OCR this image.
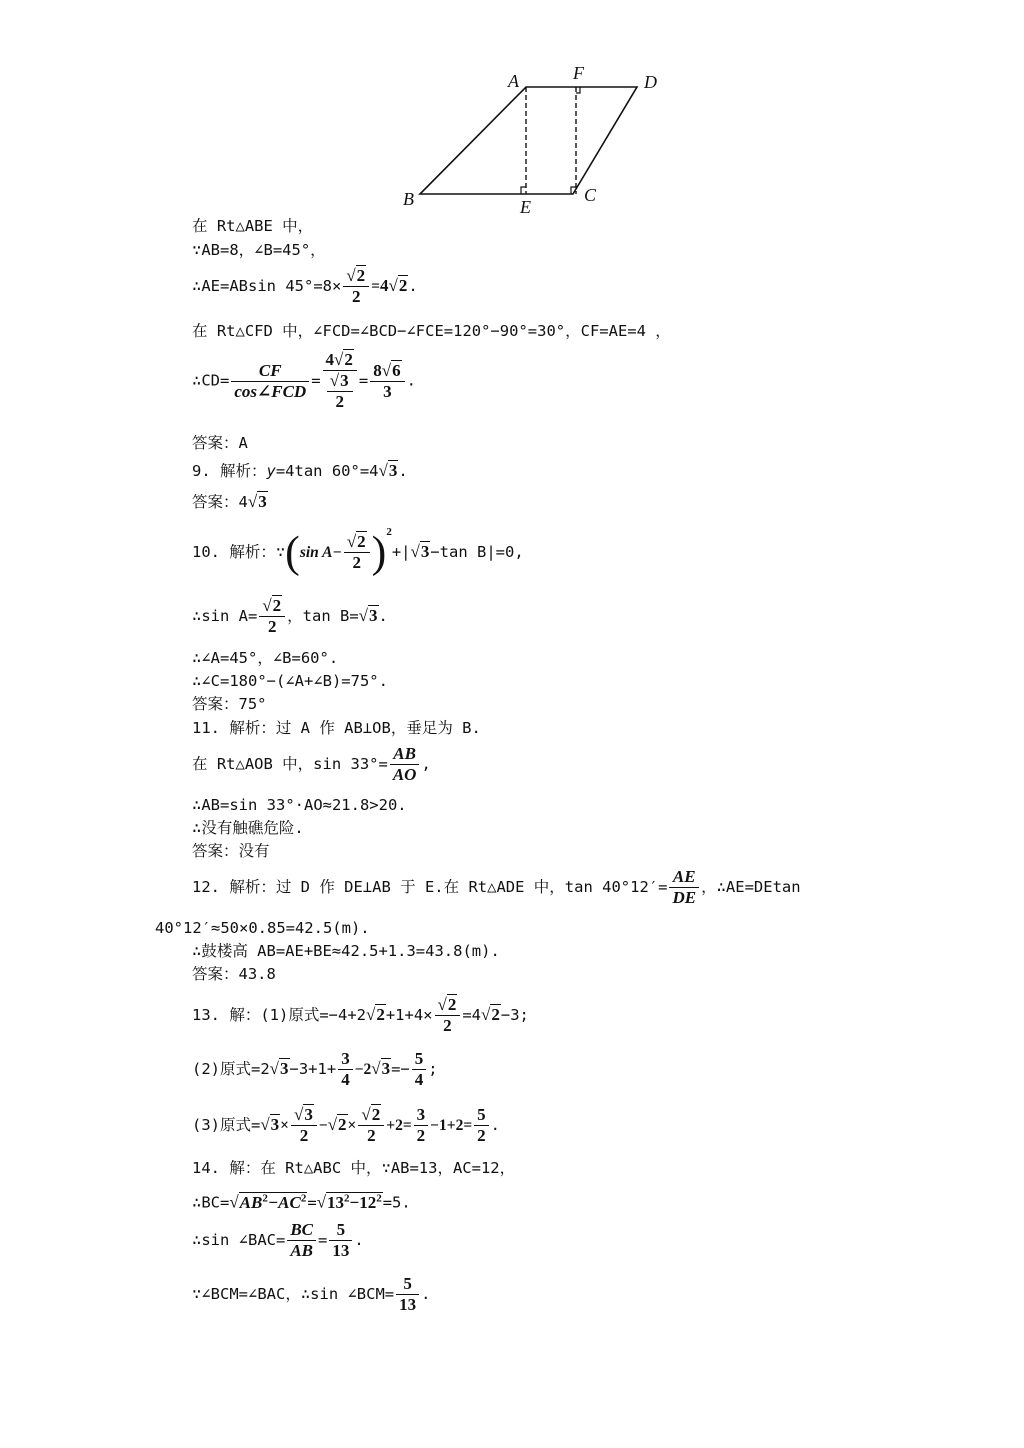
A	F	D
B	E
C
在 Rt△ABE 中，
∵AB=8，∠B=45°，
∴AE=ABsin $45^\circ=8\times \frac{√2}{2} =4√2$.
在 Rt△CFD 中，∠FCD=∠BCD−∠FCE=120°−90°=30°，CF=AE=4 ，
∴CD= $\frac{CF}{\text{cos∠FCD}} = \frac{4√2}{\frac{√3}{2}} = \frac{8√6}{3}$ .
答案：A
9. 解析：y=4tan 60°=4√3.
答案：4√3
10. 解析：∵(sin $A- \frac{√2}{2} )^2+|√3-\tan$ B|=0,
∴sin $A= \frac{√2}{2}$ ，tan B=√3.
∴∠A=45°，∠B=60°.
∴∠C=180°−(∠A+∠B)=75°.
答案：75°
11. 解析：过 A 作 AB⊥OB，垂足为 B.
在 Rt△AOB 中，$\sin 33^\circ= \frac{AB}{AO}$ ,
∴AB=sin 33°·AO≈21.8>20.
∴没有触礁危险.
答案：没有
12. 解析：过 D 作 DE⊥AB 于 E.在 Rt△ADE 中，$\tan 40^\circ 12'= \frac{AE}{DE}$ ，∴AE=DEtan
40°12′≈50×0.85=42.5(m).
∴鼓楼高 AB=AE+BE≈42.5+1.3=43.8(m).
答案：43.8
13. 解：(1)原式$=-4+2√2+1+4\times \frac{√2}{2} =4√2-3$;
(2)原式$=2√3-3+1+ \frac{3}{4} -2√3=- \frac{5}{4}$ ;
(3)原式$=√3\times \frac{√3}{2} -√2\times \frac{√2}{2} +2= \frac{3}{2} -1+2= \frac{5}{2}$ .
14. 解：在 Rt△ABC 中，∵AB=13，AC=12，
$\therefore BC=√AB^2-AC^2=√13^2-12^2=5$.
∴sin ∠BAC= $\frac{BC}{AB} = \frac{5}{13}$ .
∵∠BCM=∠BAC，∴sin ∠BCM= $\frac{5}{13}$ .
